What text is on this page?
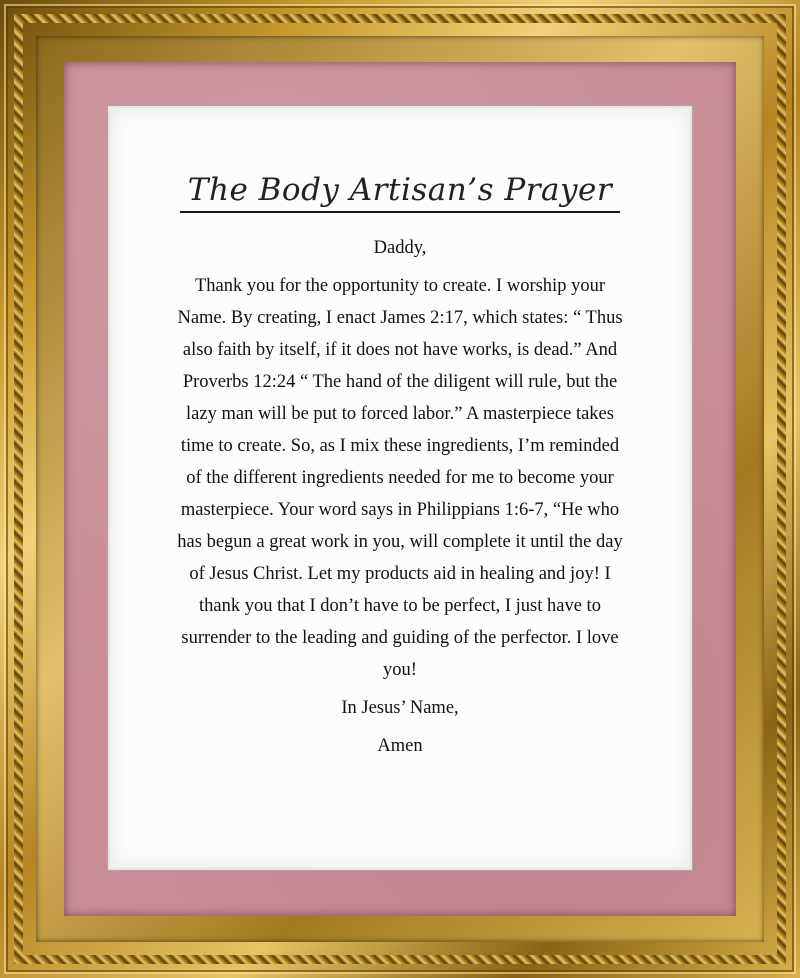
The Body Artisan’s Prayer

Daddy,

Thank you for the opportunity to create. I worship your

Name. By creating, I enact James 2:17, which states: “ Thus

also faith by itself, if it does not have works, is dead.” And

Proverbs 12:24 “ The hand of the diligent will rule, but the

lazy man will be put to forced labor.” A masterpiece takes

time to create. So, as I mix these ingredients, I’m reminded

of the different ingredients needed for me to become your

masterpiece. Your word says in Philippians 1:6-7, “He who

has begun a great work in you, will complete it until the day

of Jesus Christ. Let my products aid in healing and joy! I

thank you that I don’t have to be perfect, I just have to

surrender to the leading and guiding of the perfector. I love

you!

In Jesus’ Name,

Amen
